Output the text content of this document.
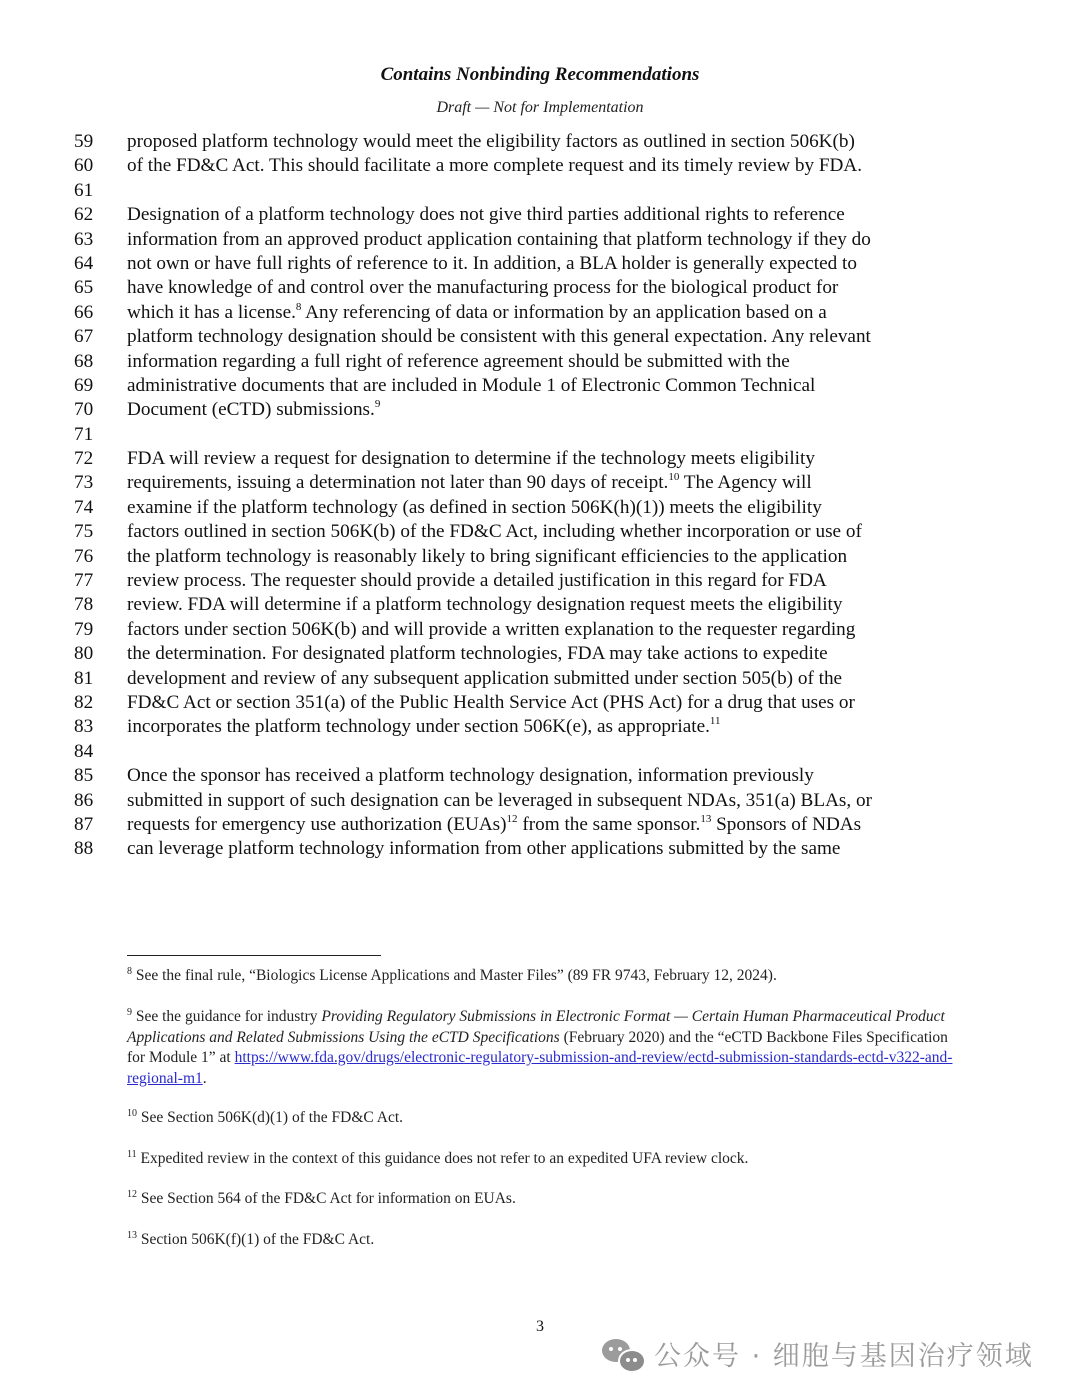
Contains Nonbinding Recommendations
Draft — Not for Implementation
59	proposed platform technology would meet the eligibility factors as outlined in section 506K(b)
60	of the FD&C Act. This should facilitate a more complete request and its timely review by FDA.
61
62	Designation of a platform technology does not give third parties additional rights to reference
63	information from an approved product application containing that platform technology if they do
64	not own or have full rights of reference to it. In addition, a BLA holder is generally expected to
65	have knowledge of and control over the manufacturing process for the biological product for
66	which it has a license.$^8$ Any referencing of data or information by an application based on a
67	platform technology designation should be consistent with this general expectation. Any relevant
68	information regarding a full right of reference agreement should be submitted with the
69	administrative documents that are included in Module 1 of Electronic Common Technical
70	Document (eCTD) submissions.$^9$
71
72	FDA will review a request for designation to determine if the technology meets eligibility
73	requirements, issuing a determination not later than 90 days of receipt.$^{10}$ The Agency will
74	examine if the platform technology (as defined in section 506K(h)(1)) meets the eligibility
75	factors outlined in section 506K(b) of the FD&C Act, including whether incorporation or use of
76	the platform technology is reasonably likely to bring significant efficiencies to the application
77	review process. The requester should provide a detailed justification in this regard for FDA
78	review. FDA will determine if a platform technology designation request meets the eligibility
79	factors under section 506K(b) and will provide a written explanation to the requester regarding
80	the determination. For designated platform technologies, FDA may take actions to expedite
81	development and review of any subsequent application submitted under section 505(b) of the
82	FD&C Act or section 351(a) of the Public Health Service Act (PHS Act) for a drug that uses or
83	incorporates the platform technology under section 506K(e), as appropriate.$^{11}$
84
85	Once the sponsor has received a platform technology designation, information previously
86	submitted in support of such designation can be leveraged in subsequent NDAs, 351(a) BLAs, or
87	requests for emergency use authorization (EUAs)$^{12}$ from the same sponsor.$^{13}$ Sponsors of NDAs
88	can leverage platform technology information from other applications submitted by the same
$^8$ See the final rule, “Biologics License Applications and Master Files” (89 FR 9743, February 12, 2024).
$^9$ See the guidance for industry Providing Regulatory Submissions in Electronic Format — Certain Human Pharmaceutical Product Applications and Related Submissions Using the eCTD Specifications (February 2020) and the “eCTD Backbone Files Specification for Module 1” at https://www.fda.gov/drugs/electronic-regulatory-submission-and-review/ectd-submission-standards-ectd-v322-and-regional-m1.
$^{10}$ See Section 506K(d)(1) of the FD&C Act.
$^{11}$ Expedited review in the context of this guidance does not refer to an expedited UFA review clock.
$^{12}$ See Section 564 of the FD&C Act for information on EUAs.
$^{13}$ Section 506K(f)(1) of the FD&C Act.
3
公众号 · 细胞与基因治疗领域
